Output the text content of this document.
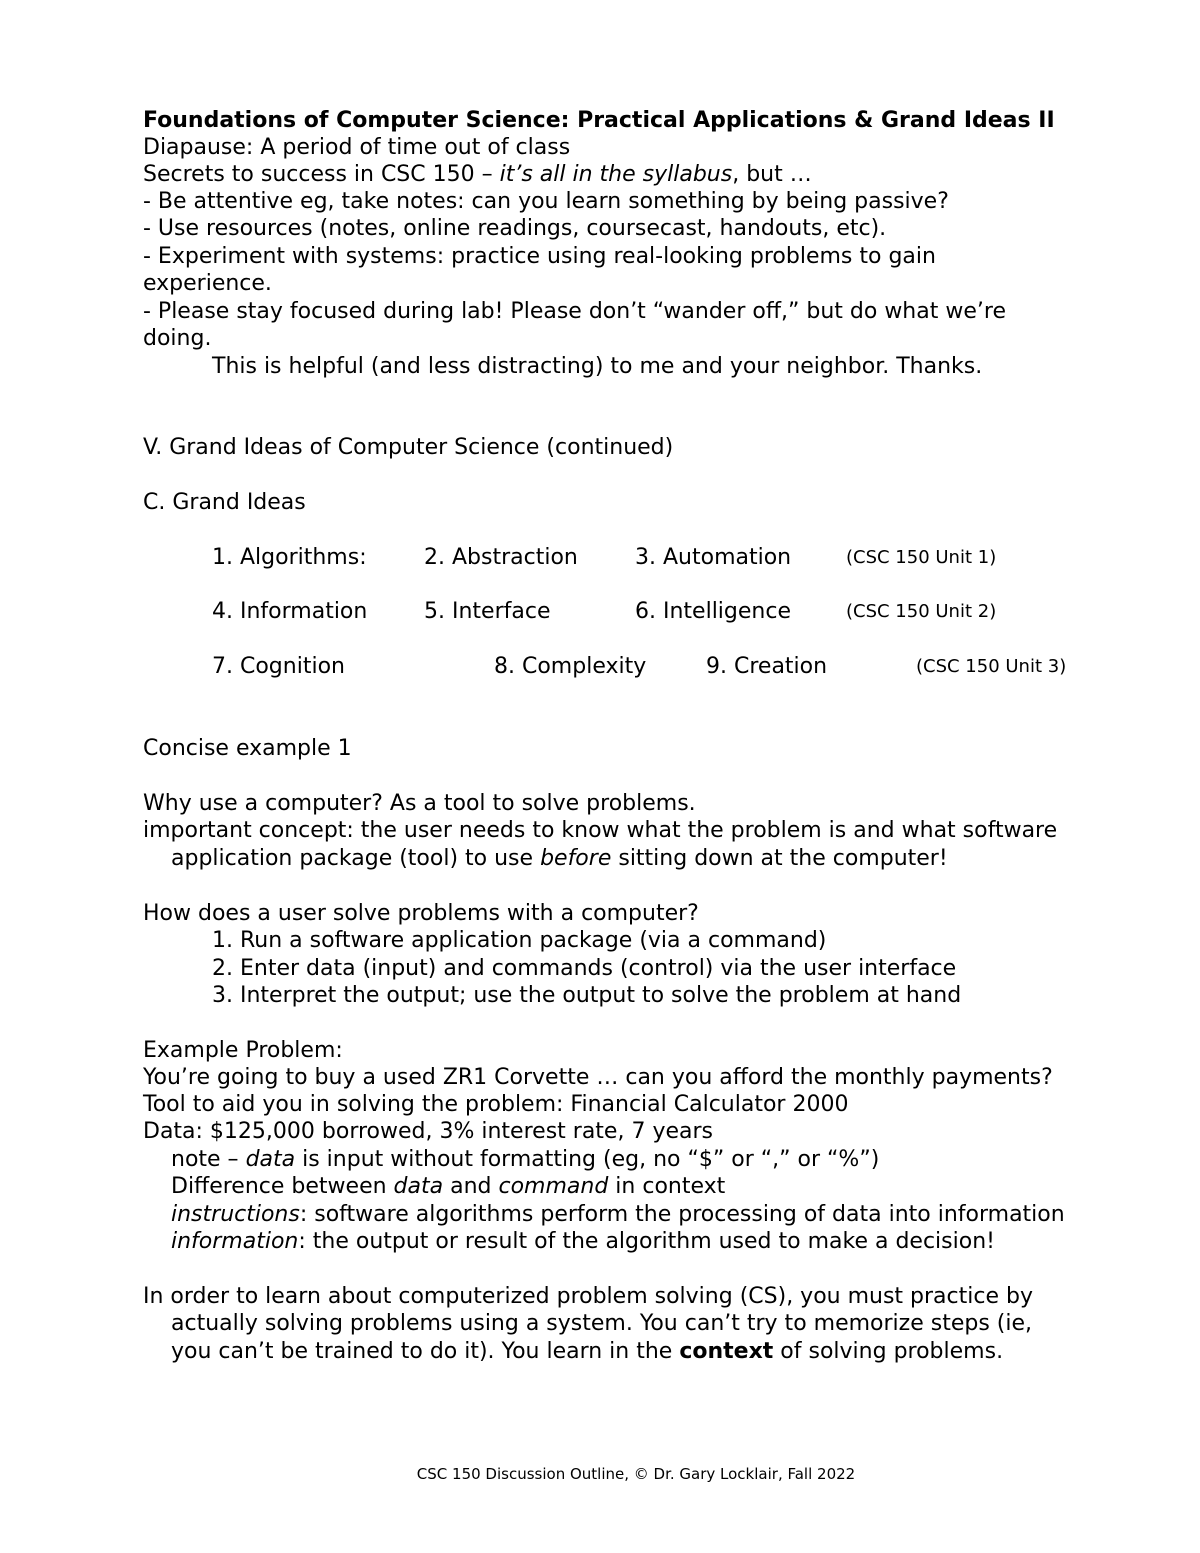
Foundations of Computer Science: Practical Applications & Grand Ideas II
Diapause: A period of time out of class
Secrets to success in CSC 150 – it’s all in the syllabus, but …
- Be attentive eg, take notes: can you learn something by being passive?
- Use resources (notes, online readings, coursecast, handouts, etc).
- Experiment with systems: practice using real-looking problems to gain
experience.
- Please stay focused during lab! Please don’t “wander off,” but do what we’re
doing.
This is helpful (and less distracting) to me and your neighbor. Thanks.
V. Grand Ideas of Computer Science (continued)
C. Grand Ideas
1. Algorithms:	2. Abstraction	3. Automation	(CSC 150 Unit 1)
4. Information	5. Interface	6. Intelligence	(CSC 150 Unit 2)
7. Cognition	8. Complexity	9. Creation	(CSC 150 Unit 3)
Concise example 1
Why use a computer? As a tool to solve problems.
important concept: the user needs to know what the problem is and what software
application package (tool) to use before sitting down at the computer!
How does a user solve problems with a computer?
1. Run a software application package (via a command)
2. Enter data (input) and commands (control) via the user interface
3. Interpret the output; use the output to solve the problem at hand
Example Problem:
You’re going to buy a used ZR1 Corvette … can you afford the monthly payments?
Tool to aid you in solving the problem: Financial Calculator 2000
Data: $125,000 borrowed, 3% interest rate, 7 years
note – data is input without formatting (eg, no “$” or “,” or “%”)
Difference between data and command in context
instructions: software algorithms perform the processing of data into information
information: the output or result of the algorithm used to make a decision!
In order to learn about computerized problem solving (CS), you must practice by
actually solving problems using a system. You can’t try to memorize steps (ie,
you can’t be trained to do it). You learn in the context of solving problems.
CSC 150 Discussion Outline, © Dr. Gary Locklair, Fall 2022
